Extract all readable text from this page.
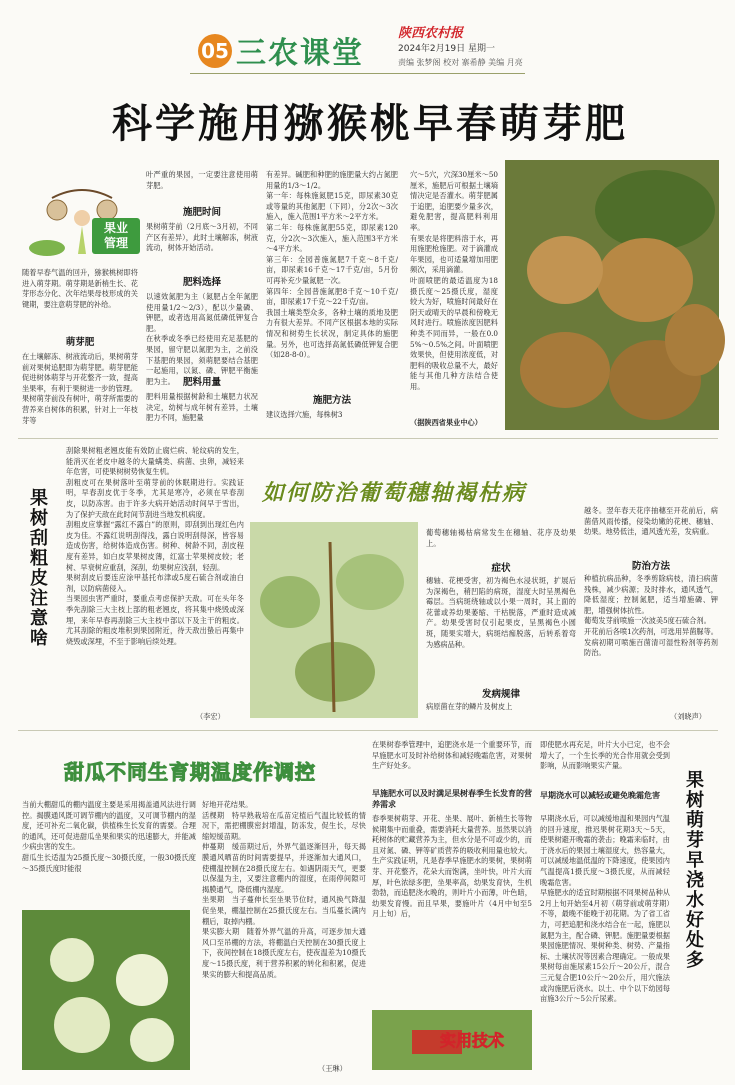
05 三农课堂
陕西农村报
2024年2月19日 星期一
责编 张梦阁 校对 寨希静 美编 月亮
科学施用猕猴桃早春萌芽肥
果业
管理
随着早春气温的回升，猕猴桃树即将进入萌芽期。萌芽期是新梢生长、花芽形态分化、次年结果母枝形成的关键期，要注意萌芽肥的补给。
萌芽肥
在土壤解冻、树液流动后，果树萌芽前对果树追肥即为萌芽肥。萌芽肥能促进树体萌芽与开花整齐一致，提高坐果率，有利于果树进一步的管理。
果树萌芽前没有树叶，萌芽所需要的营养来自树体的积累，针对上一年枝芽等
叶严重的果园，一定要注意使用萌芽肥。
施肥时间
果树萌芽前（2月底～3月初，不同产区有差异），此时土壤解冻，树液流动，树体开始活动。
肥料选择
以速效氮肥为主（氮肥占全年氮肥使用量1/2～2/3），配以少量磷、钾肥，或者选用高氮低磷低钾复合肥。
在秋季或冬季已经使用充足基肥的果园，留守肥以氮肥为主，之前没下基肥的果园，须萌肥要结合基肥一起施用，以氮、磷、钾肥平衡施肥为主。 肥料用量
肥料用量根据树龄和土壤肥力状况决定，幼树与成年树有差异，土壤肥力不同，施肥量
有差异。碱肥和种肥的施肥量大约占氮肥用量的1/3～1/2。
第一年：每株施氮肥15克，即尿素30克或等量的其他氮肥（下同），分2次～3次施入，施入范围1平方米～2平方米。
第二年：每株施氮肥55克，即尿素120克，分2次～3次施入，施入范围3平方米～4平方米。
第三年：全园普施氮肥7千克～8千克/亩，即尿素16千克～17千克/亩，5月份可再补充少量氮肥一次。
第四年：全园普施氮肥8千克～10千克/亩，即尿素17千克～22千克/亩。
我国土壤类型众多，各种土壤的质地及肥力有很大差异。不同产区根据本地的实际情况和树势生长状况，制定具体的施肥量。另外，也可选择高氮低磷低钾复合肥（如28-8-0）。
施肥方法
建议选择穴施，每株树3
穴～5穴，穴深30厘米～50厘米，施肥后可根据土壤墒情决定是否灌水。萌芽肥属于追肥，追肥要少量多次，避免肥害，提高肥料利用率。
有果农是将肥料溶于水，再用施肥枪施肥。对于滴灌成年果园，也可适量增加用肥频次，采用滴灌。
叶面喷肥的最适温度为18摄氏度～25摄氏度，湿度较大为好，喷施时间最好在阴天或晴天的早晨和傍晚无风时进行。喷施浓度因肥料种类不同而异，一般在0.05%～0.5%之间。叶面喷肥效果快，但使用浓度低，对肥料的吸收总量不大，最好能与其他几种方法结合使用。
（据陕西省果业中心）
果树刮粗皮注意啥
刮除果树粗老翘皮能有效防止腐烂病、轮纹病的发生，能消灭在老皮中越冬的大量螨类、病菌、虫卵，减轻来年危害，可使果树树势恢复生机。
刮粗皮可在果树落叶至萌芽前的休眠期进行。实践证明，早春刮皮优于冬季，尤其是寒冷，必须在早春刮皮，以防冻害。由于许多大病开始活动时间早于雪出，为了保护天敌在此时间节刮进当地发机病度。
刮粗皮应掌握“露红不露白”的原则，即刮到出现红色内皮为佳。不露红说明刮得浅，露白说明刮得深，皆容易造成伤害，给树体造成伤害。树种、树龄不同，刮皮程度有差异，如白皮苹果树皮薄，红富士苹果树皮较；老树、早衰树应重刮，深刮，幼果树应浅刮，轻刮。
果树刮皮后要连应涂甲基托布津或5度石硫合剂或油白剂，以防病菌侵入。
当果园虫害严重时，要重点考虑保护天敌。可在头年冬季先刮除三大主枝上部的粗老翘皮，将其集中烧毁或深埋，来年早春再刮除三大主枝中部以下及主干的粗皮。尤其刮除的粗皮堆积到果园附近，待天敌出蛰后再集中烧毁或深埋，不至于影响后续处理。
（李宏）
如何防治葡萄穗轴褐枯病
葡萄穗轴褐枯病常发生在穗轴、花序及幼果上。
症状
穗轴、花梗受害，初为褐色水浸状斑，扩展后为深褐色，稍凹陷的病斑，湿度大时呈黑褐色霉层。当病斑绕轴或以小果一周时，其上面的花蕾或养幼果萎缩、干枯脱落，严重时造成减产。幼果受害时仅引起果皮，呈黑褐色小圆斑，随果实增大，病斑结痂脱落，后转系着弯为感病品种。
发病规律
病原菌在芽的鳞片及树皮上
越冬。翌年春天花序抽穗至开花前后，病菌借风雨传播，侵染幼嫩的花梗、穗轴、幼果。地势低洼，通风透光差，发病重。
防治方法
种植抗病品种，冬季剪除病枝，清扫病菌残株，减少病源；及时排水，通风透气，降低湿度；控制氮肥，适当增施磷、钾肥，增强树体抗性。
葡萄发芽前喷施一次波美5度石硫合剂。
开花前后各喷1次药剂，可选用异菌脲等。
发病初期可喷施百菌清可湿性粉剂等药剂防治。
（刘晓声）
甜瓜不同生育期温度作调控
当前大棚甜瓜的棚内温度主要是采用揭盖通风法进行调控。揭膜通风既可调节棚内的温度，又可调节棚内的湿度，还可补充二氧化碳，供植株生长发育的需要。合理的通风，还可促进甜瓜坐果和果实的迅速膨大，并能减少病虫害的发生。
甜瓜生长适温为25摄氏度～30摄氏度，一般30摄氏度～35摄氏度时能很
好地开花结果。
活棵期　特早熟栽培在瓜苗定植后气温比较低的情况下，需把棚膜密封增温，防冻发，促生长，尽快缩短缓苗期。
伸蔓期　缓苗期过后，外界气温逐渐回升，每天揭膜通风晒苗的时间需要提早，并逐渐加大通风口，使棚温控制在28摄氏度左右。如遇阴雨天气，更要以保温为主，又要注意棚内的湿度，在雨停间隙可揭膜通气，降低棚内湿度。
坐果期　当子蔓伸长至坐果节位时，通风换气降温促坐果，棚温控制在25摄氏度左右。当瓜蔓长满内棚后，取掉内棚。
果实膨大期　随着外界气温的升高，可逐步加大通风口至吊棚的方法，将棚温白天控制在30摄氏度上下，夜间控制在18摄氏度左右，使夜温差为10摄氏度～15摄氏度，利于营养积累的转化和积累，促进果实的膨大和提高品质。
（王琳）
在果树春季管理中，追肥浇水是一个重要环节，而早施肥水可及时补给树体和减轻晚霜危害，对果树生产好处多。
早施肥水可以及时满足果树春季生长发育的营养需求
春季果树萌芽、开花、坐果、展叶、新梢生长等物候期集中而重叠，需要消耗大量营养。虽然果以消耗树体的贮藏营养为主，但水分是不可或少的，而且对氮、磷、钾等矿质营养的吸收利用量也较大。生产实践证明，凡是春季早施肥水的果树，果树萌芽、开花整齐，花朵大而饱满，坐叶快，叶片大而厚，叶色浓绿多肥，坐果率高，幼果发育快，生机勃勃，而追肥浇水晚的，则叶片小而薄，叶色暗，幼果发育慢。而且早果，要施叶片（4月中旬至5月上旬）后，
实用技术
即使肥水再充足，叶片大小已定，也不会增大了，一个生长季的光合作用就会受到影响，从而影响果实产量。
早期浇水可以减轻或避免晚霜危害
早期浇水后，可以减缓地温和果园内气温的回升速度，推迟果树花期3天～5天，使果树避开晚霜的袭击；晚霜来临时，由于浇水后的果园土壤湿度大，热容量大，可以减缓地温低温的下降速度，使果园内气温提高1摄氏度～3摄氏度，从而减轻晚霜危害。
早施肥水的适宜时期根据不同果树品种从2月上旬开始至4月初（萌芽前或萌芽期）不等，最晚不能晚于初花期。为了省工省力，可把追肥和浇水结合在一起，施肥以氮肥为主，配合磷、钾肥。施肥量要根据果园施肥情况、果树种类、树势、产量指标、土壤状况等因素合理确定。一般成果果树每亩施尿素15公斤～20公斤，混合三元复合肥10公斤～20公斤，用穴施法或沟施肥后浇水。以土、中个以下幼园每亩施3公斤～5公斤尿素。
果树萌芽早浇水好处多
